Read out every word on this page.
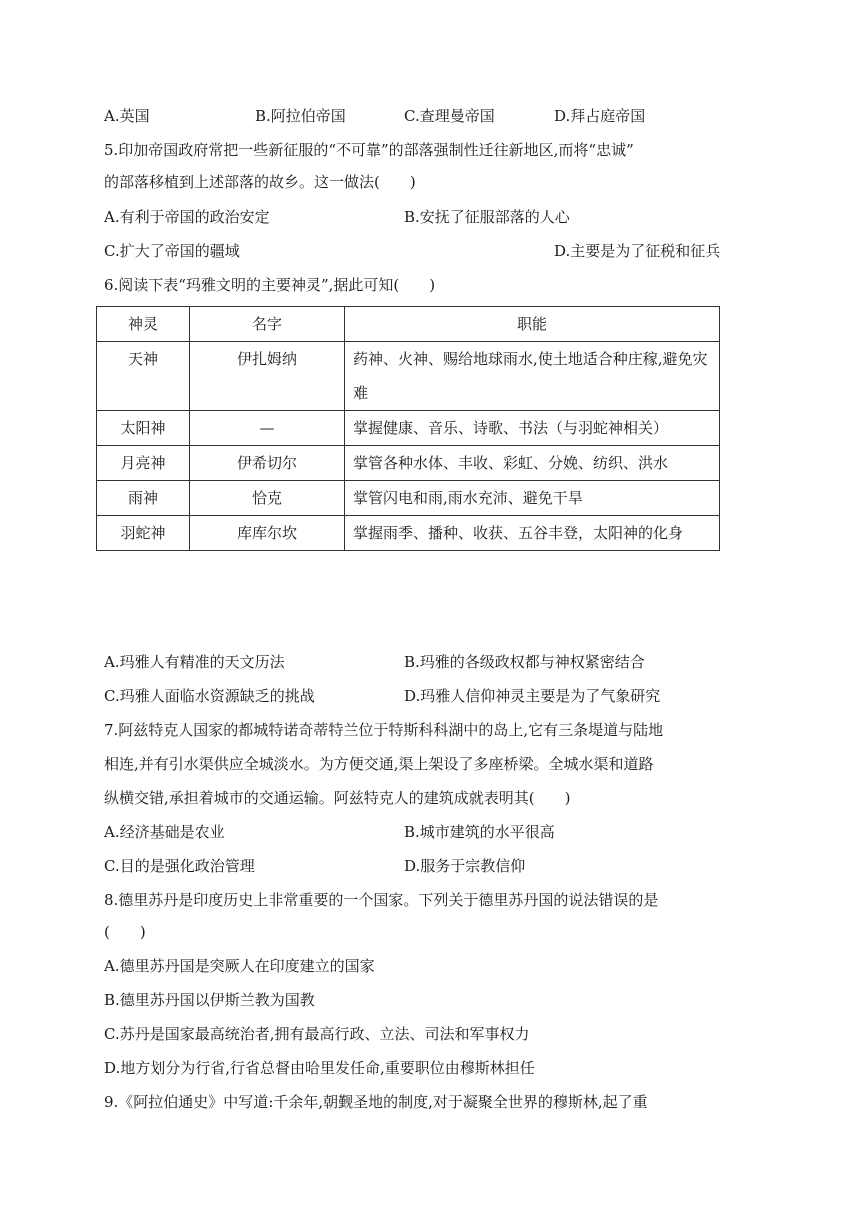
A.英国	B.阿拉伯帝国	C.查理曼帝国	D.拜占庭帝国
5.印加帝国政府常把一些新征服的“不可靠”的部落强制性迁往新地区,而将“忠诚”
的部落移植到上述部落的故乡。这一做法(　　)
A.有利于帝国的政治安定	B.安抚了征服部落的人心
C.扩大了帝国的疆域	D.主要是为了征税和征兵
6.阅读下表“玛雅文明的主要神灵”,据此可知(　　)
神灵	名字	职能
天神	伊扎姆纳	药神、火神、赐给地球雨水,使土地适合种庄稼,避免灾难
太阳神	—	掌握健康、音乐、诗歌、书法（与羽蛇神相关）
月亮神	伊希切尔	掌管各种水体、丰收、彩虹、分娩、纺织、洪水
雨神	恰克	掌管闪电和雨,雨水充沛、避免干旱
羽蛇神	库库尔坎	掌握雨季、播种、收获、五谷丰登，太阳神的化身
A.玛雅人有精准的天文历法	B.玛雅的各级政权都与神权紧密结合
C.玛雅人面临水资源缺乏的挑战	D.玛雅人信仰神灵主要是为了气象研究
7.阿兹特克人国家的都城特诺奇蒂特兰位于特斯科科湖中的岛上,它有三条堤道与陆地
相连,并有引水渠供应全城淡水。为方便交通,渠上架设了多座桥梁。全城水渠和道路
纵横交错,承担着城市的交通运输。阿兹特克人的建筑成就表明其(　　)
A.经济基础是农业	B.城市建筑的水平很高
C.目的是强化政治管理	D.服务于宗教信仰
8.德里苏丹是印度历史上非常重要的一个国家。下列关于德里苏丹国的说法错误的是
(　　)
A.德里苏丹国是突厥人在印度建立的国家
B.德里苏丹国以伊斯兰教为国教
C.苏丹是国家最高统治者,拥有最高行政、立法、司法和军事权力
D.地方划分为行省,行省总督由哈里发任命,重要职位由穆斯林担任
9.《阿拉伯通史》中写道:千余年,朝觐圣地的制度,对于凝聚全世界的穆斯林,起了重
